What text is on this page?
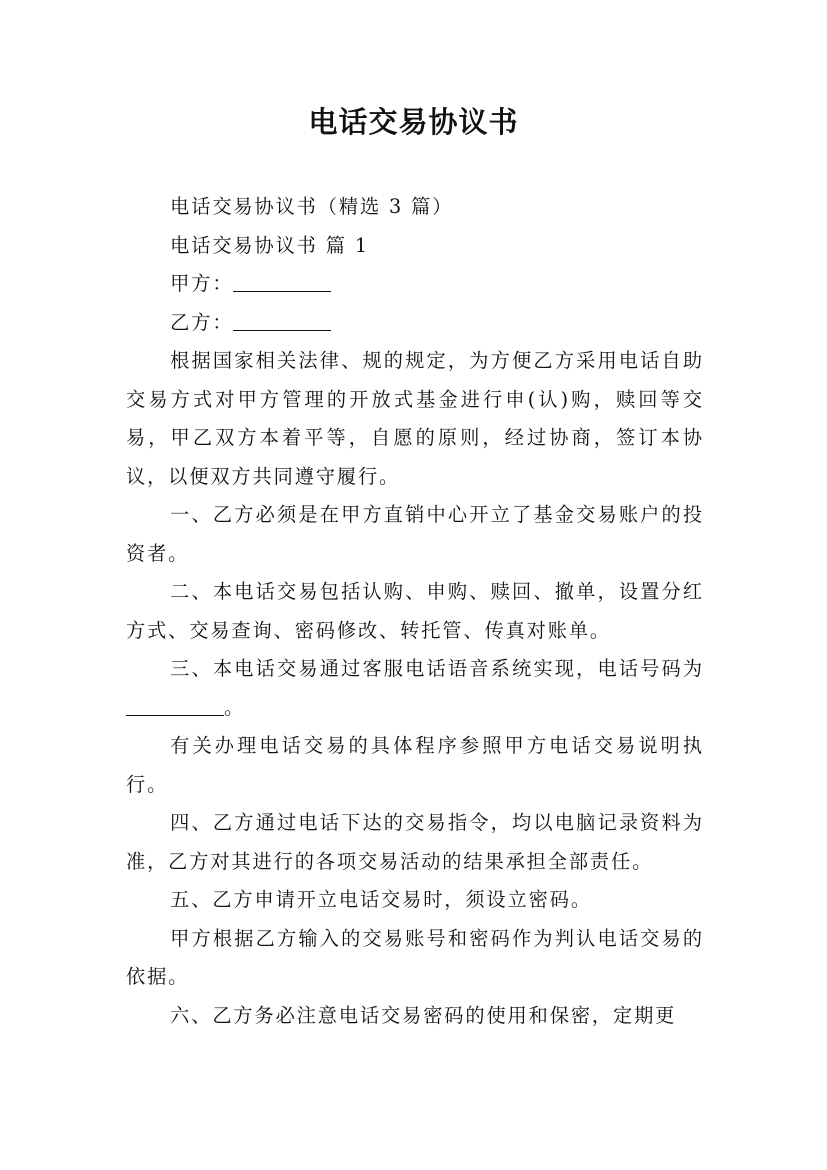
电话交易协议书

电话交易协议书（精选 3 篇）

电话交易协议书 篇 1

甲方：

乙方：

根据国家相关法律、规的规定，为方便乙方采用电话自助交易方式对甲方管理的开放式基金进行申(认)购，赎回等交易，甲乙双方本着平等，自愿的原则，经过协商，签订本协议，以便双方共同遵守履行。

一、乙方必须是在甲方直销中心开立了基金交易账户的投资者。

二、本电话交易包括认购、申购、赎回、撤单，设置分红方式、交易查询、密码修改、转托管、传真对账单。

三、本电话交易通过客服电话语音系统实现，电话号码为。

有关办理电话交易的具体程序参照甲方电话交易说明执行。

四、乙方通过电话下达的交易指令，均以电脑记录资料为准，乙方对其进行的各项交易活动的结果承担全部责任。

五、乙方申请开立电话交易时，须设立密码。

甲方根据乙方输入的交易账号和密码作为判认电话交易的依据。

六、乙方务必注意电话交易密码的使用和保密，定期更
